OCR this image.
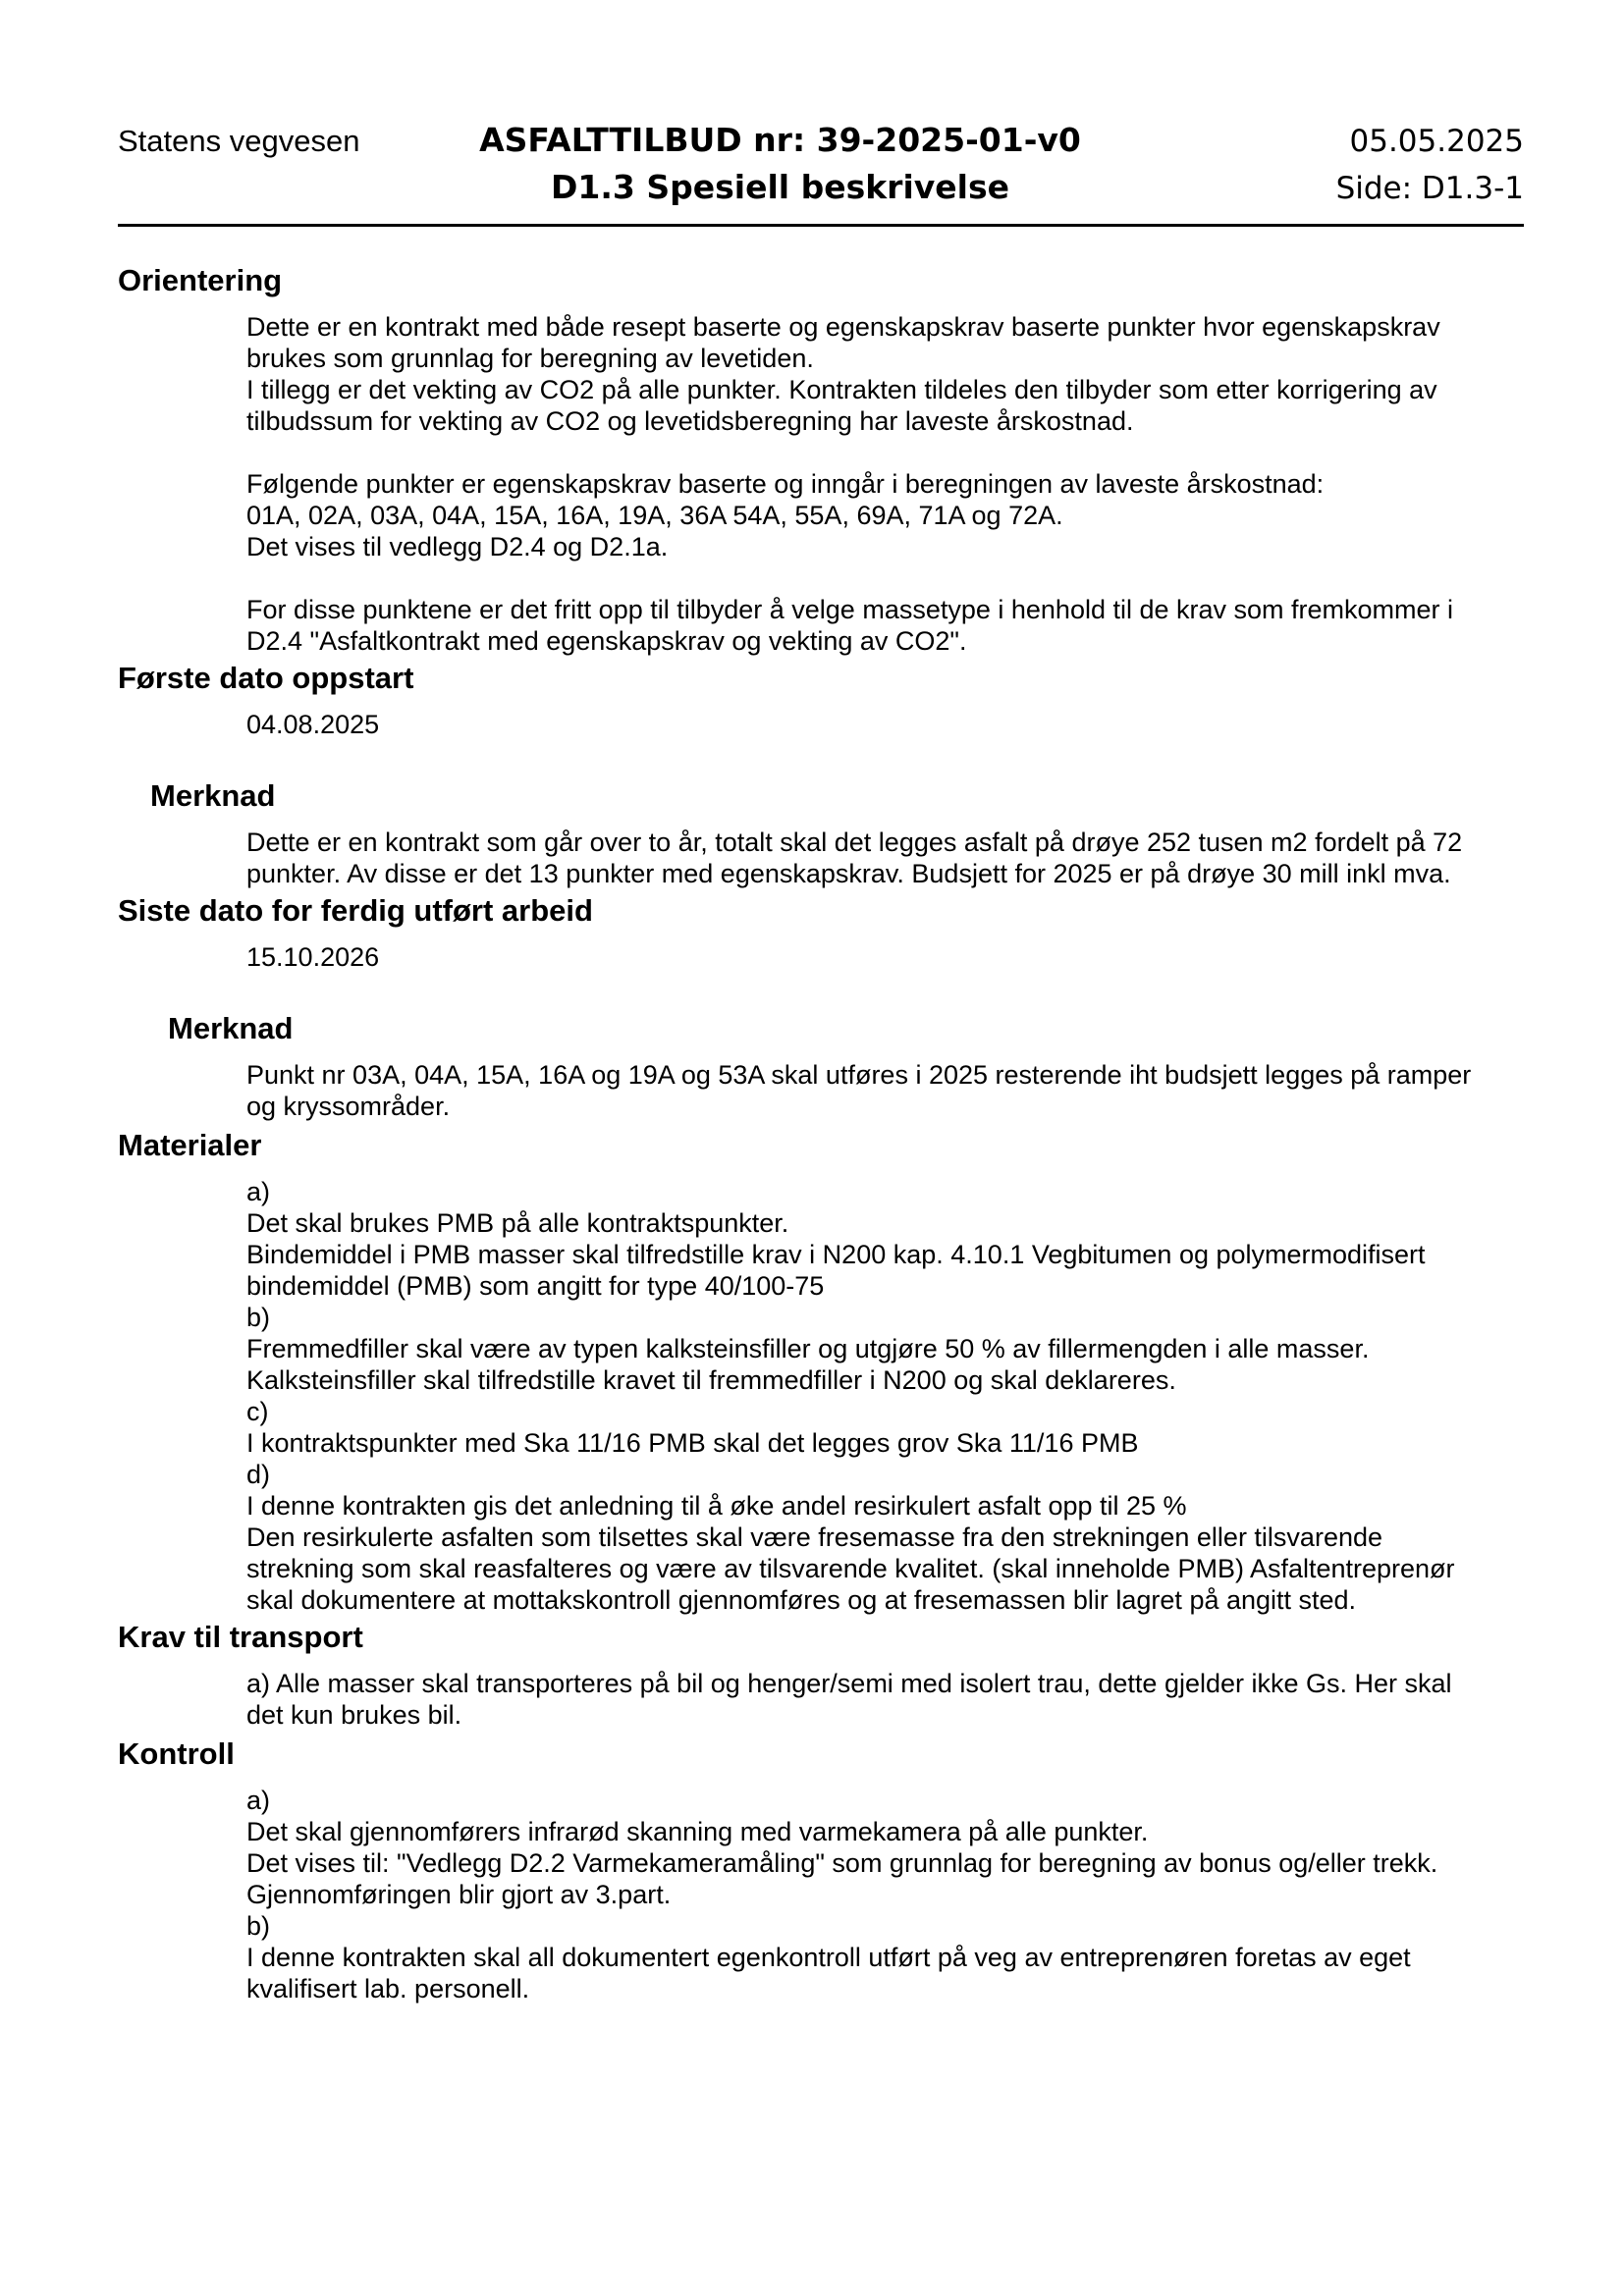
Statens vegvesen	ASFALTTILBUD nr: 39-2025-01-v0
D1.3 Spesiell beskrivelse
05.05.2025
Side: D1.3-1
Orientering

Dette er en kontrakt med både resept baserte og egenskapskrav baserte punkter hvor egenskapskrav

brukes som grunnlag for beregning av levetiden.

I tillegg er det vekting av CO2 på alle punkter. Kontrakten tildeles den tilbyder som etter korrigering av

tilbudssum for vekting av CO2 og levetidsberegning har laveste årskostnad.

Følgende punkter er egenskapskrav baserte og inngår i beregningen av laveste årskostnad:

01A, 02A, 03A, 04A, 15A, 16A, 19A, 36A 54A, 55A, 69A, 71A og 72A.

Det vises til vedlegg D2.4 og D2.1a.

For disse punktene er det fritt opp til tilbyder å velge massetype i henhold til de krav som fremkommer i

D2.4 "Asfaltkontrakt med egenskapskrav og vekting av CO2".

Første dato oppstart
04.08.2025
Merknad

Dette er en kontrakt som går over to år, totalt skal det legges asfalt på drøye 252 tusen m2 fordelt på 72

punkter. Av disse er det 13 punkter med egenskapskrav. Budsjett for 2025 er på drøye 30 mill inkl mva.

Siste dato for ferdig utført arbeid
15.10.2026
Merknad

Punkt nr 03A, 04A, 15A, 16A og 19A og 53A skal utføres i 2025 resterende iht budsjett legges på ramper

og kryssområder.

Materialer

a)

Det skal brukes PMB på alle kontraktspunkter.

Bindemiddel i PMB masser skal tilfredstille krav i N200 kap. 4.10.1 Vegbitumen og polymermodifisert

bindemiddel (PMB) som angitt for type 40/100-75

b)

Fremmedfiller skal være av typen kalksteinsfiller og utgjøre 50 % av fillermengden i alle masser.

Kalksteinsfiller skal tilfredstille kravet til fremmedfiller i N200 og skal deklareres.

c)

I kontraktspunkter med Ska 11/16 PMB skal det legges grov Ska 11/16 PMB

d)

I denne kontrakten gis det anledning til å øke andel resirkulert asfalt opp til 25 %

Den resirkulerte asfalten som tilsettes skal være fresemasse fra den strekningen eller tilsvarende

strekning som skal reasfalteres og være av tilsvarende kvalitet. (skal inneholde PMB) Asfaltentreprenør

skal dokumentere at mottakskontroll gjennomføres og at fresemassen blir lagret på angitt sted.

Krav til transport

a) Alle masser skal transporteres på bil og henger/semi med isolert trau, dette gjelder ikke Gs. Her skal

det kun brukes bil.

Kontroll

a)

Det skal gjennomførers infrarød skanning med varmekamera på alle punkter.

Det vises til: "Vedlegg D2.2 Varmekameramåling" som grunnlag for beregning av bonus og/eller trekk.

Gjennomføringen blir gjort av 3.part.

b)

I denne kontrakten skal all dokumentert egenkontroll utført på veg av entreprenøren foretas av eget

kvalifisert lab. personell.
